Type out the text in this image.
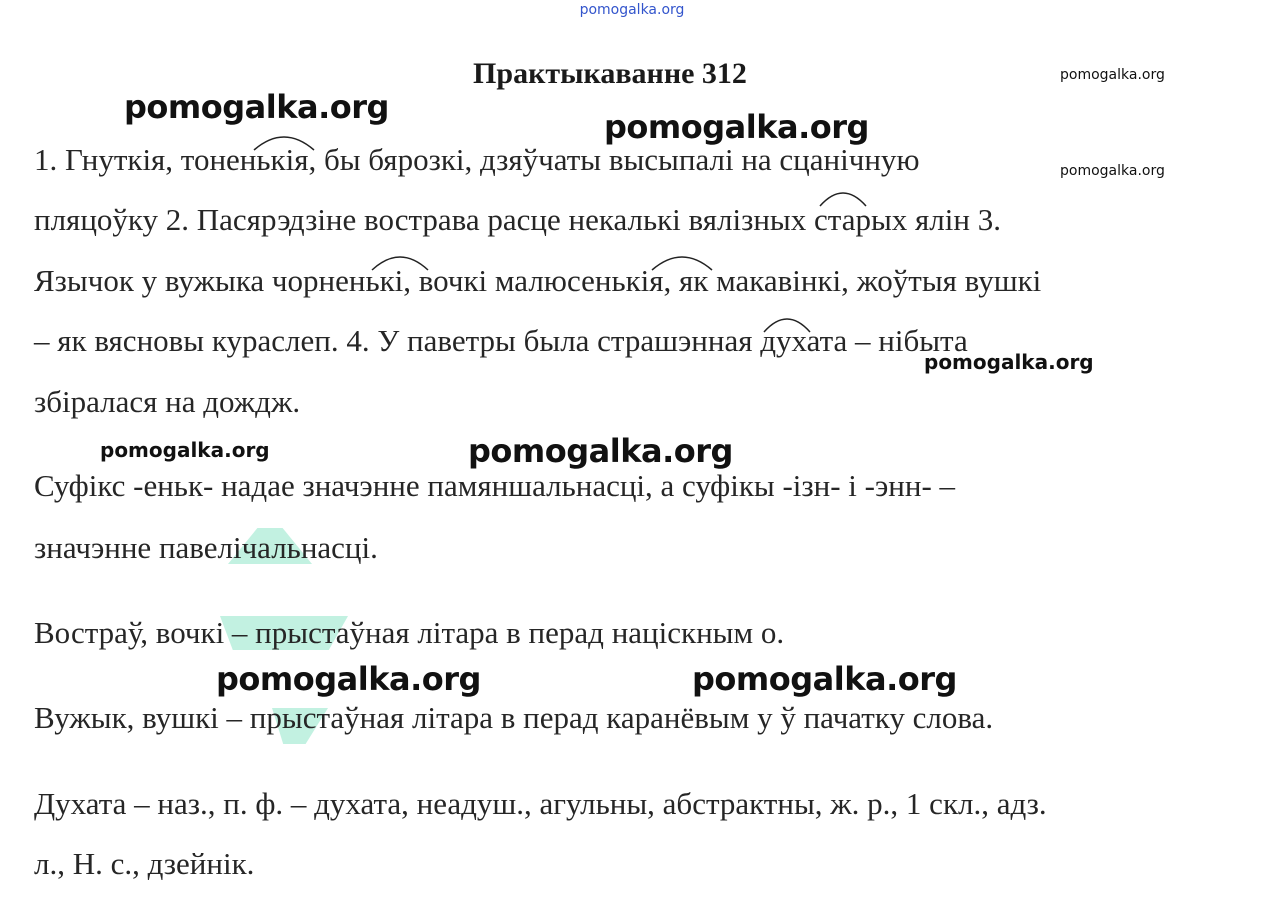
pomogalka.org
Практыкаванне 312
1. Гнуткія, тоненькія, бы бярозкі, дзяўчаты высыпалі на сцанічную
пляцоўку 2. Пасярэдзіне вострава расце некалькі вялізных старых ялін 3.
Язычок у вужыка чорненькі, вочкі малюсенькія, як макавінкі, жоўтыя вушкі
– як вясновы кураслеп. 4. У паветры была страшэнная духата – нібыта
збіралася на дождж.
Суфікс -еньк- надае значэнне памяншальнасці, а суфікы -ізн- і -энн- –
значэнне павелічальнасці.
Востраў, вочкі – прыстаўная літара в перад націскным о.
Вужык, вушкі – прыстаўная літара в перад каранёвым у ў пачатку слова.
Духата – наз., п. ф. – духата, неадуш., агульны, абстрактны, ж. р., 1 скл., адз.
л., Н. с., дзейнік.
pomogalka.org
pomogalka.org
pomogalka.org
pomogalka.org
pomogalka.org
pomogalka.org	pomogalka.org
pomogalka.org	pomogalka.org
